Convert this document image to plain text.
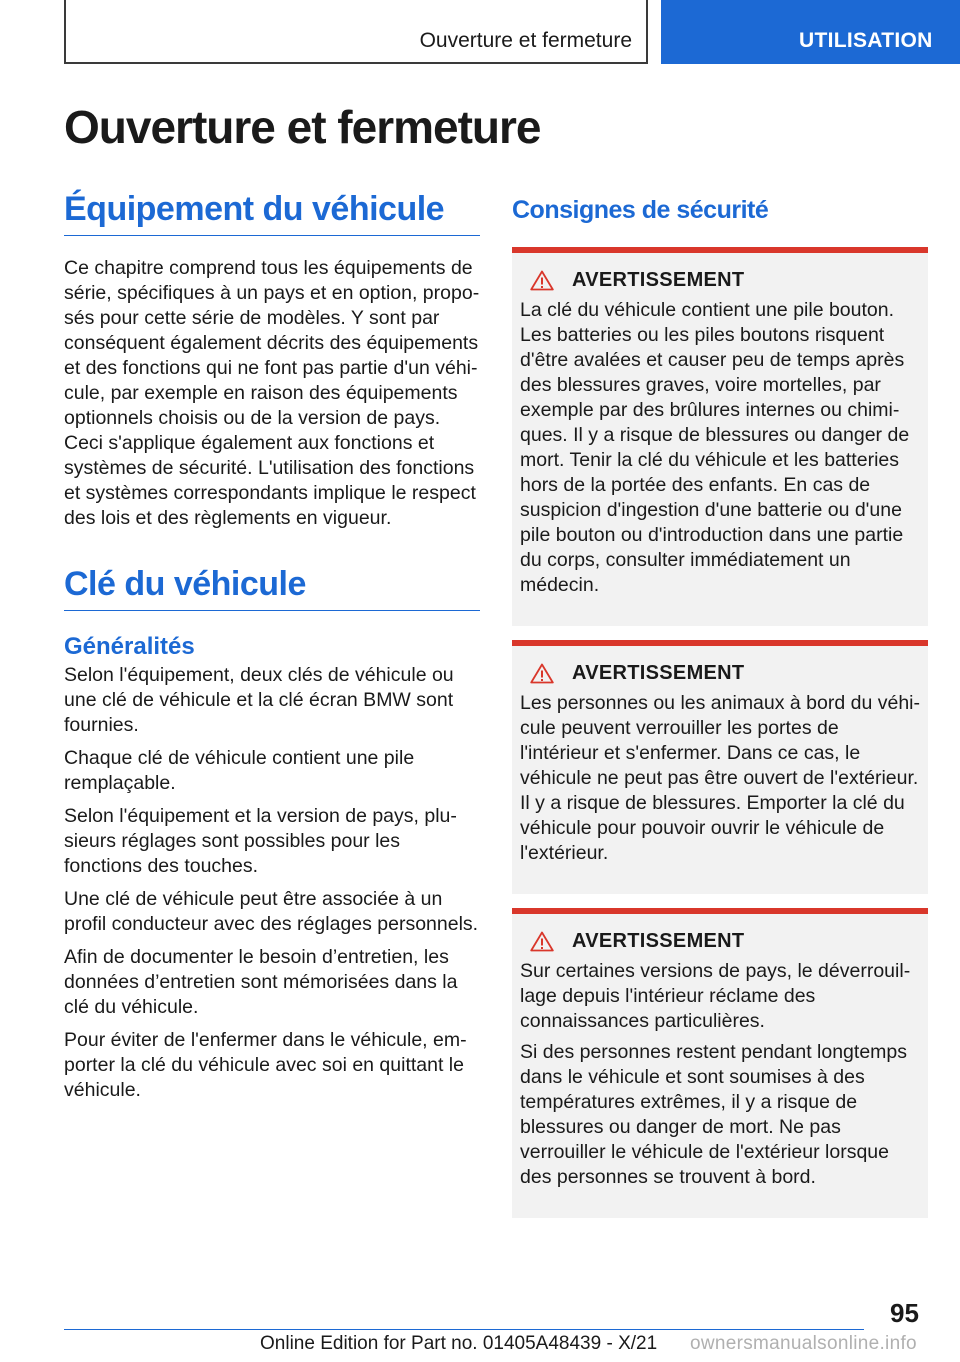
Ouverture et fermeture	UTILISATION
Ouverture et fermeture
Équipement du véhicule

Ce chapitre comprend tous les équipements de série, spécifiques à un pays et en option, proposés pour cette série de modèles. Y sont par conséquent également décrits des équipements et des fonctions qui ne font pas partie d'un véhicule, par exemple en raison des équipements optionnels choisis ou de la version de pays. Ceci s'applique également aux fonctions et systèmes de sécurité. L'utilisation des fonctions et systèmes correspondants implique le respect des lois et des règlements en vigueur.

Clé du véhicule
Généralités

Selon l'équipement, deux clés de véhicule ou une clé de véhicule et la clé écran BMW sont fournies.

Chaque clé de véhicule contient une pile remplaçable.

Selon l'équipement et la version de pays, plusieurs réglages sont possibles pour les fonctions des touches.

Une clé de véhicule peut être associée à un profil conducteur avec des réglages personnels.

Afin de documenter le besoin d’entretien, les données d’entretien sont mémorisées dans la clé du véhicule.

Pour éviter de l'enfermer dans le véhicule, emporter la clé du véhicule avec soi en quittant le véhicule.

Consignes de sécurité
AVERTISSEMENT

La clé du véhicule contient une pile bouton. Les batteries ou les piles boutons risquent d'être avalées et causer peu de temps après des blessures graves, voire mortelles, par exemple par des brûlures internes ou chimiques. Il y a risque de blessures ou danger de mort. Tenir la clé du véhicule et les batteries hors de la portée des enfants. En cas de suspicion d'ingestion d'une batterie ou d'une pile bouton ou d'introduction dans une partie du corps, consulter immédiatement un médecin.

AVERTISSEMENT

Les personnes ou les animaux à bord du véhicule peuvent verrouiller les portes de l'intérieur et s'enfermer. Dans ce cas, le véhicule ne peut pas être ouvert de l'extérieur. Il y a risque de blessures. Emporter la clé du véhicule pour pouvoir ouvrir le véhicule de l'extérieur.

AVERTISSEMENT

Sur certaines versions de pays, le déverrouillage depuis l'intérieur réclame des connaissances particulières.

Si des personnes restent pendant longtemps dans le véhicule et sont soumises à des températures extrêmes, il y a risque de blessures ou danger de mort. Ne pas verrouiller le véhicule de l'extérieur lorsque des personnes se trouvent à bord.

95
Online Edition for Part no. 01405A48439 - X/21 ownersmanualsonline.info
